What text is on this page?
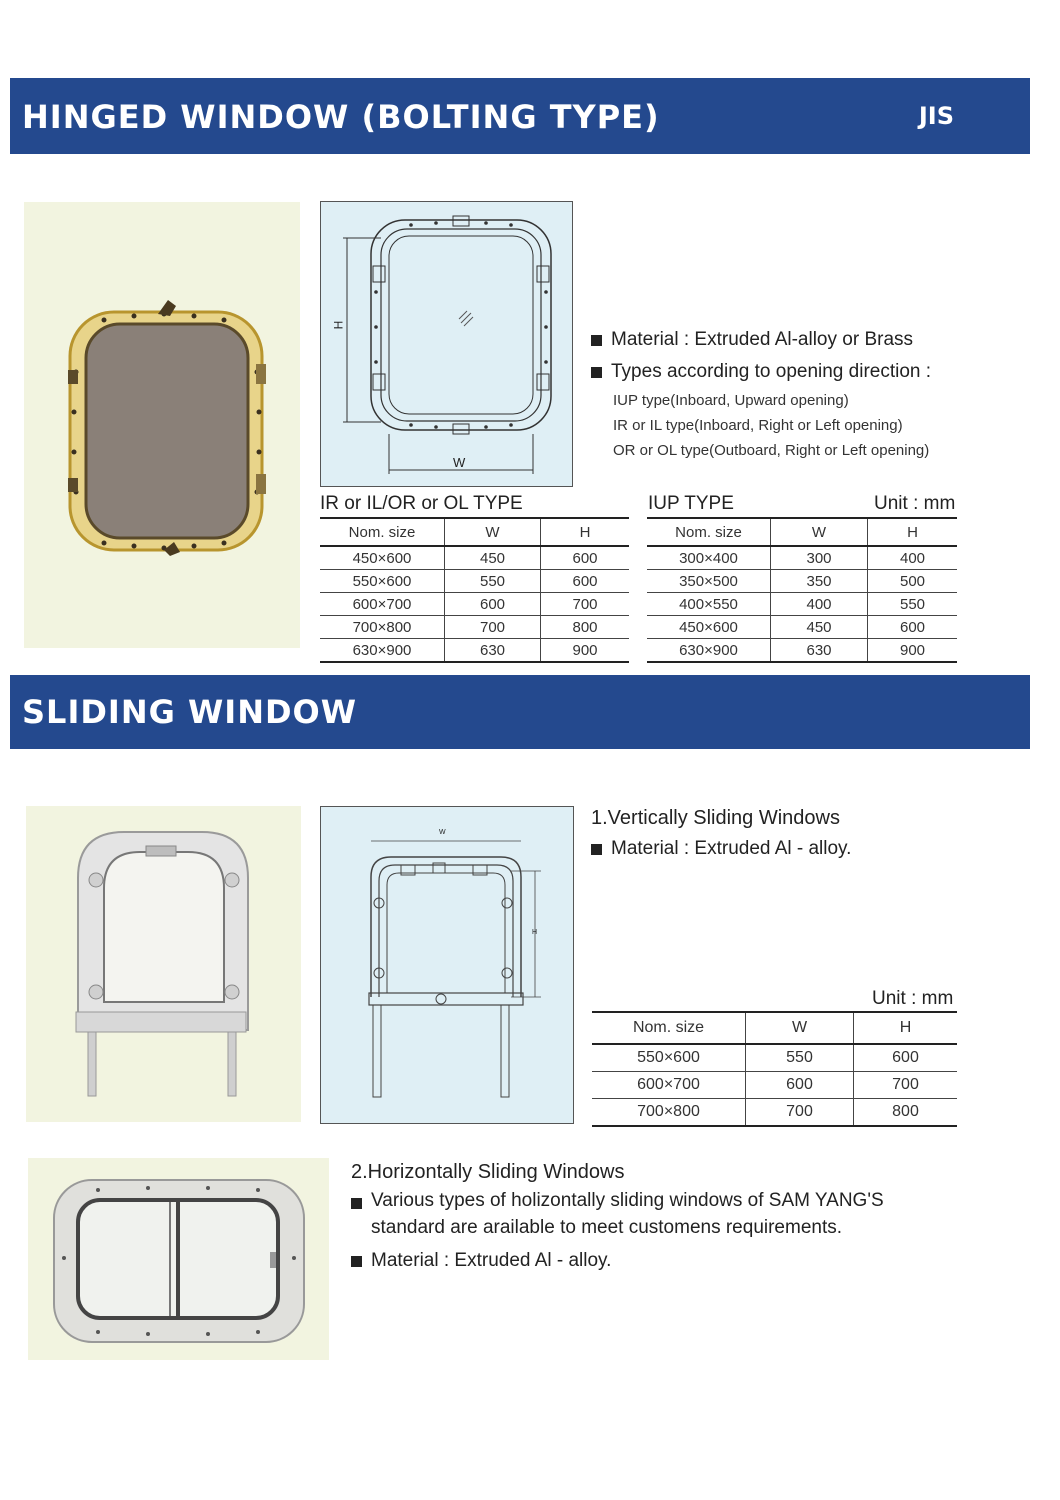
HINGED WINDOW (BOLTING TYPE)	JIS
H
W
Material : Extruded Al-alloy or Brass
Types according to opening direction :
IUP type(Inboard, Upward opening)
IR or IL type(Inboard, Right or Left opening)
OR or OL type(Outboard, Right or Left opening)
IR or IL/OR or OL TYPE	IUP TYPE	Unit : mm
Nom. size	W	H
450×600	450	600
550×600	550	600
600×700	600	700
700×800	700	800
630×900	630	900
Nom. size	W	H
300×400	300	400
350×500	350	500
400×550	400	550
450×600	450	600
630×900	630	900
SLIDING WINDOW
W
H
1.Vertically Sliding Windows
Material : Extruded Al - alloy.
Unit : mm
Nom. size	W	H
550×600	550	600
600×700	600	700
700×800	700	800
2.Horizontally Sliding Windows
Various types of holizontally sliding windows of SAM YANG'S standard are arailable to meet customens requirements.
Material : Extruded Al - alloy.
